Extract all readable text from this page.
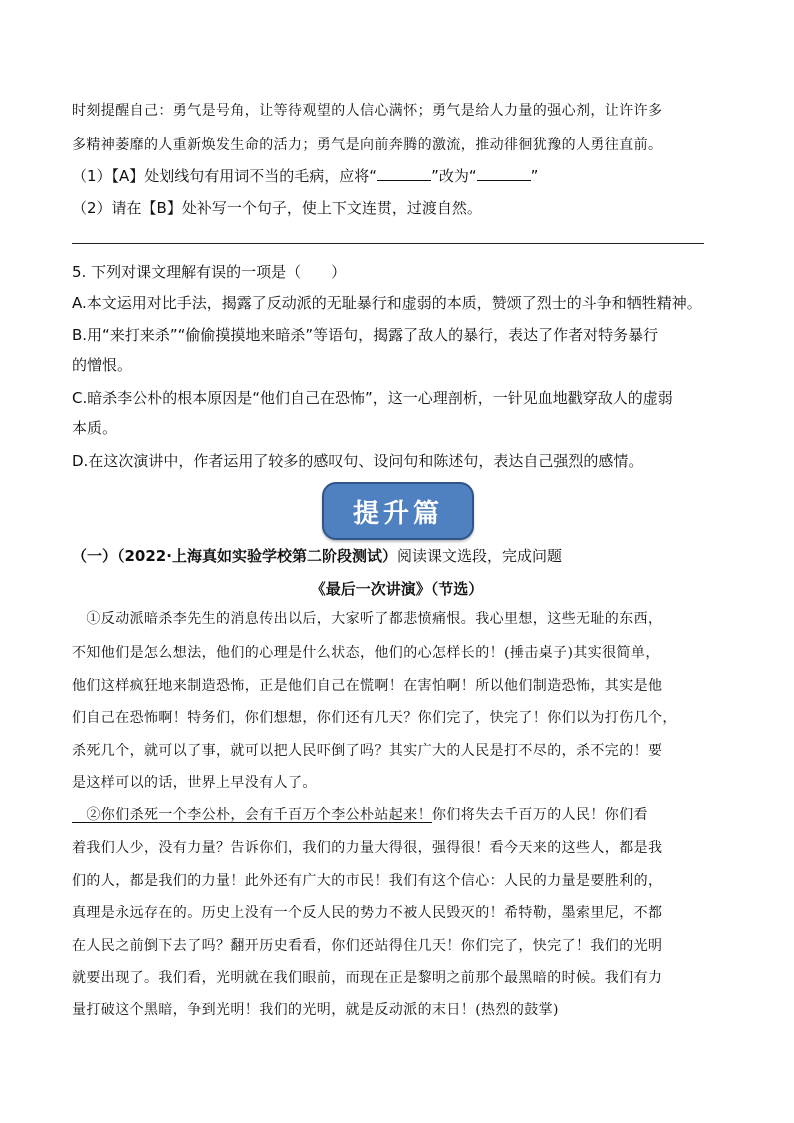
时刻提醒自己：勇气是号角，让等待观望的人信心满怀；勇气是给人力量的强心剂，让许许多
多精神萎靡的人重新焕发生命的活力；勇气是向前奔腾的激流，推动徘徊犹豫的人勇往直前。
（1）【A】处划线句有用词不当的毛病，应将“	”改为“	”
（2）请在【B】处补写一个句子，使上下文连贯，过渡自然。
5. 下列对课文理解有误的一项是（　　）
A.本文运用对比手法，揭露了反动派的无耻暴行和虚弱的本质，赞颂了烈士的斗争和牺牲精神。
B.用“来打来杀”“偷偷摸摸地来暗杀”等语句，揭露了敌人的暴行，表达了作者对特务暴行
的憎恨。
C.暗杀李公朴的根本原因是“他们自己在恐怖”，这一心理剖析，一针见血地戳穿敌人的虚弱
本质。
D.在这次演讲中，作者运用了较多的感叹句、设问句和陈述句，表达自己强烈的感情。
提升篇
（一）（2022·上海真如实验学校第二阶段测试）阅读课文选段，完成问题
《最后一次讲演》（节选）
　①反动派暗杀李先生的消息传出以后，大家听了都悲愤痛恨。我心里想，这些无耻的东西，
不知他们是怎么想法，他们的心理是什么状态，他们的心怎样长的！(捶击桌子)其实很简单，
他们这样疯狂地来制造恐怖，正是他们自己在慌啊！在害怕啊！所以他们制造恐怖，其实是他
们自己在恐怖啊！特务们，你们想想，你们还有几天？你们完了，快完了！你们以为打伤几个，
杀死几个，就可以了事，就可以把人民吓倒了吗？其实广大的人民是打不尽的，杀不完的！要
是这样可以的话，世界上早没有人了。
　②你们杀死一个李公朴，会有千百万个李公朴站起来！你们将失去千百万的人民！你们看
着我们人少，没有力量？告诉你们，我们的力量大得很，强得很！看今天来的这些人，都是我
们的人，都是我们的力量！此外还有广大的市民！我们有这个信心：人民的力量是要胜利的，
真理是永远存在的。历史上没有一个反人民的势力不被人民毁灭的！希特勒，墨索里尼，不都
在人民之前倒下去了吗？翻开历史看看，你们还站得住几天！你们完了，快完了！我们的光明
就要出现了。我们看，光明就在我们眼前，而现在正是黎明之前那个最黑暗的时候。我们有力
量打破这个黑暗，争到光明！我们的光明，就是反动派的末日！(热烈的鼓掌)
